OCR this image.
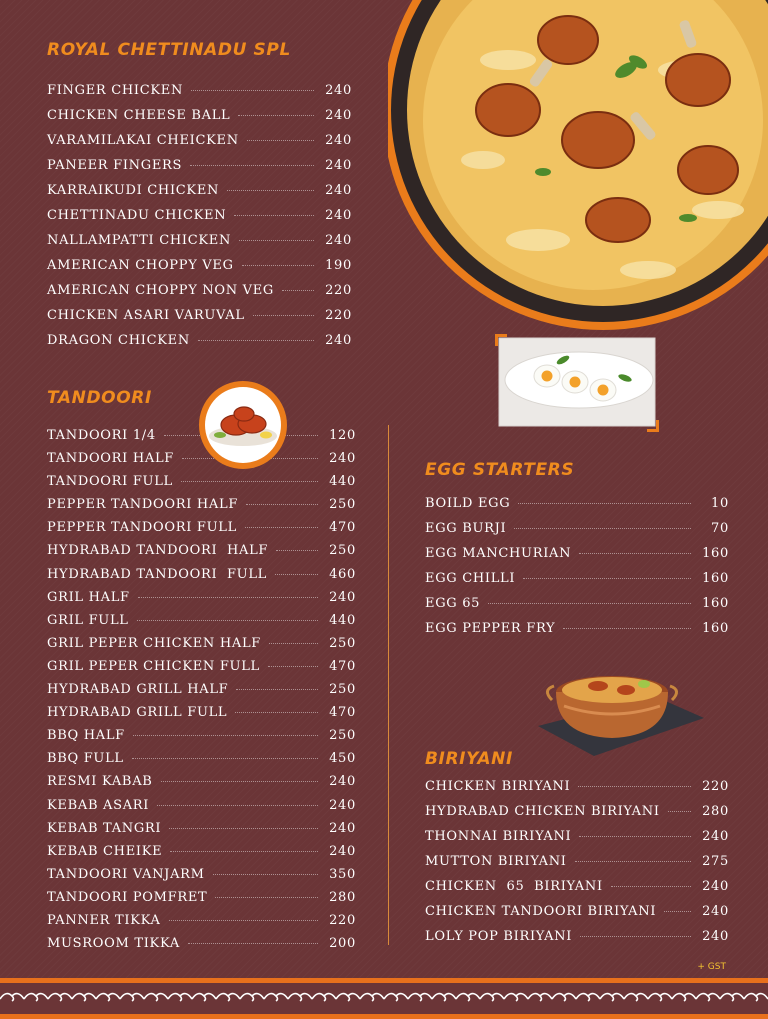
ROYAL CHETTINADU SPL
TANDOORI
EGG STARTERS
BIRIYANI
FINGER CHICKEN	240
CHICKEN CHEESE BALL	240
VARAMILAKAI CHEICKEN	240
PANEER FINGERS	240
KARRAIKUDI CHICKEN	240
CHETTINADU CHICKEN	240
NALLAMPATTI CHICKEN	240
AMERICAN CHOPPY VEG	190
AMERICAN CHOPPY NON VEG	220
CHICKEN ASARI VARUVAL	220
DRAGON CHICKEN	240
TANDOORI 1/4	120
TANDOORI HALF	240
TANDOORI FULL	440
PEPPER TANDOORI HALF	250
PEPPER TANDOORI FULL	470
HYDRABAD TANDOORI  HALF	250
HYDRABAD TANDOORI  FULL	460
GRIL HALF	240
GRIL FULL	440
GRIL PEPER CHICKEN HALF	250
GRIL PEPER CHICKEN FULL	470
HYDRABAD GRILL HALF	250
HYDRABAD GRILL FULL	470
BBQ HALF	250
BBQ FULL	450
RESMI KABAB	240
KEBAB ASARI	240
KEBAB TANGRI	240
KEBAB CHEIKE	240
TANDOORI VANJARM	350
TANDOORI POMFRET	280
PANNER TIKKA	220
MUSROOM TIKKA	200
BOILD EGG	10
EGG BURJI	70
EGG MANCHURIAN	160
EGG CHILLI	160
EGG 65	160
EGG PEPPER FRY	160
CHICKEN BIRIYANI	220
HYDRABAD CHICKEN BIRIYANI	280
THONNAI BIRIYANI	240
MUTTON BIRIYANI	275
CHICKEN  65  BIRIYANI	240
CHICKEN TANDOORI BIRIYANI	240
LOLY POP BIRIYANI	240

+ GST
